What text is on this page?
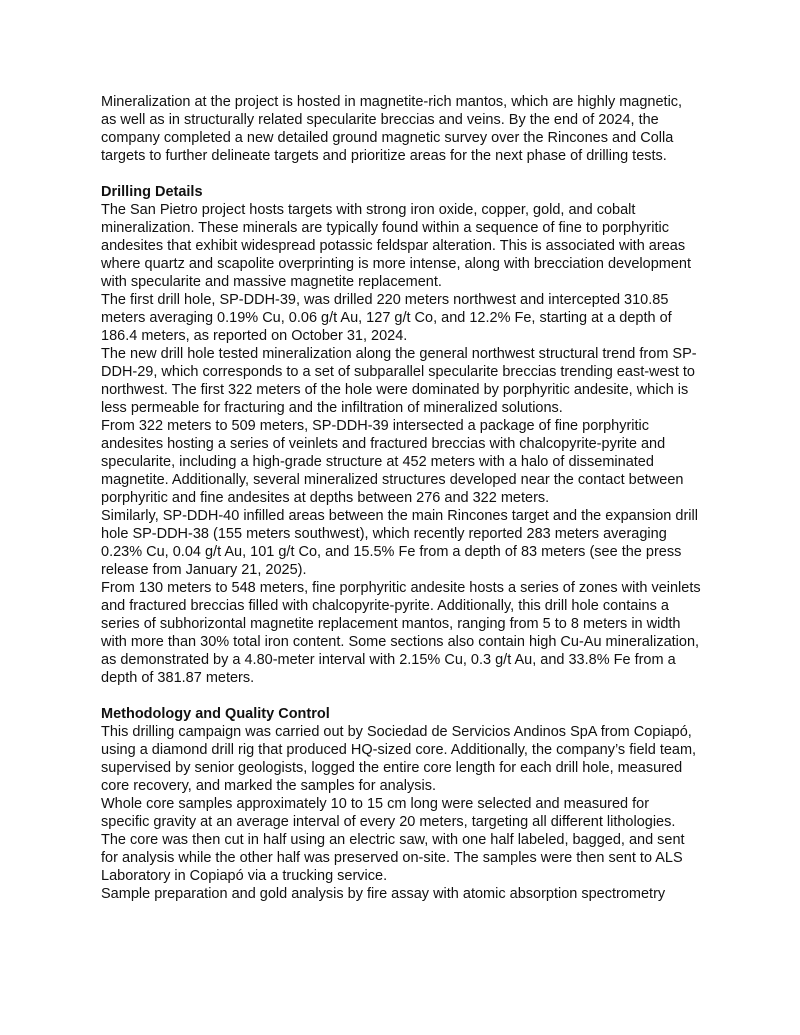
Mineralization at the project is hosted in magnetite-rich mantos, which are highly magnetic, as well as in structurally related specularite breccias and veins. By the end of 2024, the company completed a new detailed ground magnetic survey over the Rincones and Colla targets to further delineate targets and prioritize areas for the next phase of drilling tests.

Drilling Details

The San Pietro project hosts targets with strong iron oxide, copper, gold, and cobalt mineralization. These minerals are typically found within a sequence of fine to porphyritic andesites that exhibit widespread potassic feldspar alteration. This is associated with areas where quartz and scapolite overprinting is more intense, along with brecciation development with specularite and massive magnetite replacement.

The first drill hole, SP-DDH-39, was drilled 220 meters northwest and intercepted 310.85 meters averaging 0.19% Cu, 0.06 g/t Au, 127 g/t Co, and 12.2% Fe, starting at a depth of 186.4 meters, as reported on October 31, 2024.

The new drill hole tested mineralization along the general northwest structural trend from SP-DDH-29, which corresponds to a set of subparallel specularite breccias trending east-west to northwest. The first 322 meters of the hole were dominated by porphyritic andesite, which is less permeable for fracturing and the infiltration of mineralized solutions.

From 322 meters to 509 meters, SP-DDH-39 intersected a package of fine porphyritic andesites hosting a series of veinlets and fractured breccias with chalcopyrite-pyrite and specularite, including a high-grade structure at 452 meters with a halo of disseminated magnetite. Additionally, several mineralized structures developed near the contact between porphyritic and fine andesites at depths between 276 and 322 meters.

Similarly, SP-DDH-40 infilled areas between the main Rincones target and the expansion drill hole SP-DDH-38 (155 meters southwest), which recently reported 283 meters averaging 0.23% Cu, 0.04 g/t Au, 101 g/t Co, and 15.5% Fe from a depth of 83 meters (see the press release from January 21, 2025).

From 130 meters to 548 meters, fine porphyritic andesite hosts a series of zones with veinlets and fractured breccias filled with chalcopyrite-pyrite. Additionally, this drill hole contains a series of subhorizontal magnetite replacement mantos, ranging from 5 to 8 meters in width with more than 30% total iron content. Some sections also contain high Cu-Au mineralization, as demonstrated by a 4.80-meter interval with 2.15% Cu, 0.3 g/t Au, and 33.8% Fe from a depth of 381.87 meters.

Methodology and Quality Control

This drilling campaign was carried out by Sociedad de Servicios Andinos SpA from Copiapó, using a diamond drill rig that produced HQ-sized core. Additionally, the company’s field team, supervised by senior geologists, logged the entire core length for each drill hole, measured core recovery, and marked the samples for analysis.

Whole core samples approximately 10 to 15 cm long were selected and measured for specific gravity at an average interval of every 20 meters, targeting all different lithologies. The core was then cut in half using an electric saw, with one half labeled, bagged, and sent for analysis while the other half was preserved on-site. The samples were then sent to ALS Laboratory in Copiapó via a trucking service.

Sample preparation and gold analysis by fire assay with atomic absorption spectrometry
